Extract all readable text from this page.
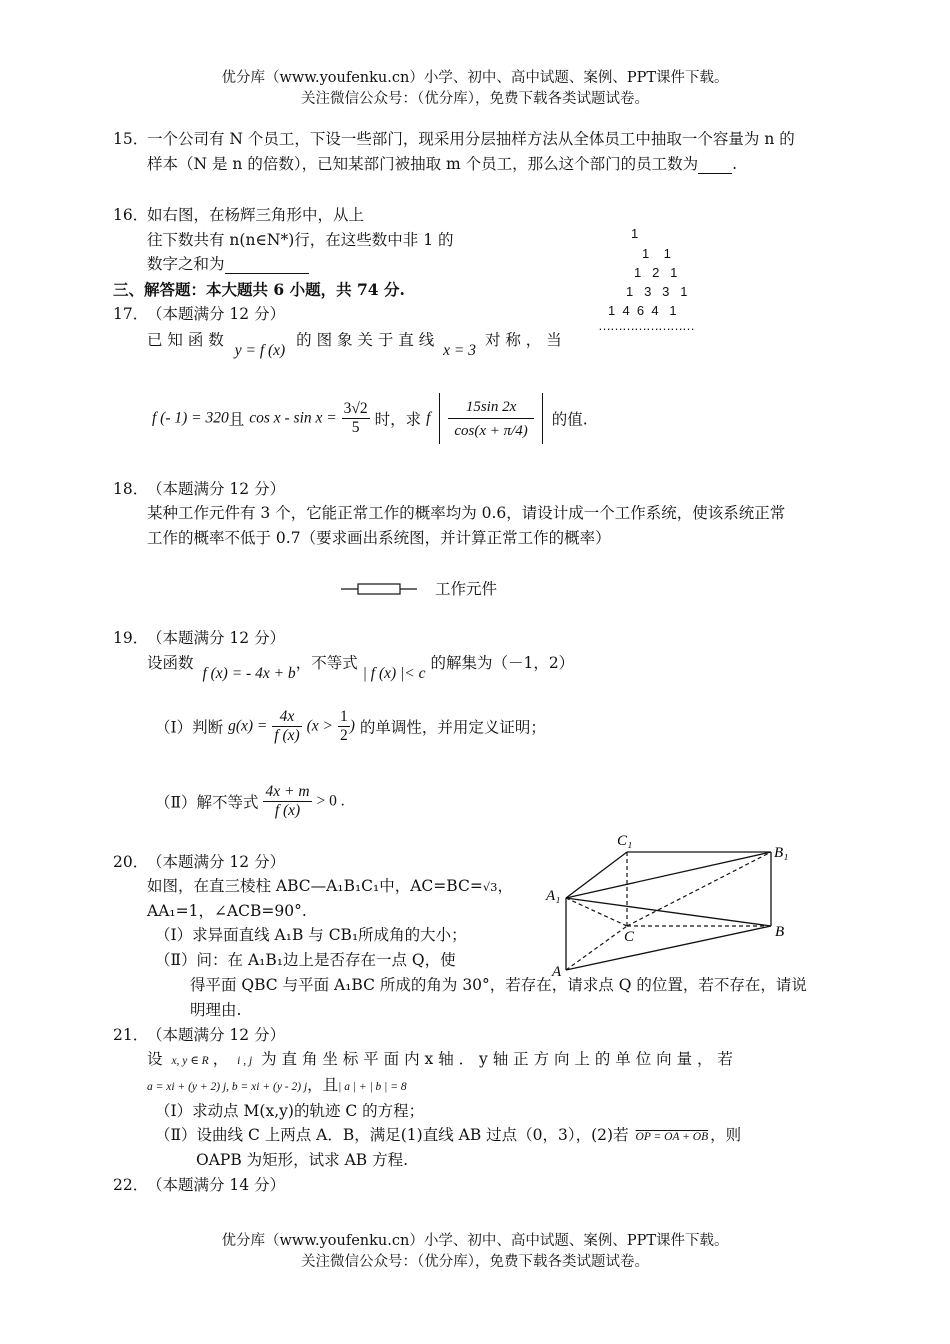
优分库（www.youfenku.cn）小学、初中、高中试题、案例、PPT课件下载。
关注微信公众号：（优分库），免费下载各类试题试卷。
15．
一个公司有 N 个员工，下设一些部门，现采用分层抽样方法从全体员工中抽取一个容量为 n 的
样本（N 是 n 的倍数），已知某部门被抽取 m 个员工，那么这个部门的员工数为 .
16．
如右图，在杨辉三角形中，从上
往下数共有 n(n∈N*)行，在这些数中非 1 的
数字之和为
1
1    1
1   2   1
1   3   3   1
1  4  6  4   1
……………………
三、解答题：本大题共 6 小题，共 74 分.
17．
（本题满分 12 分）
已 知 函 数 y = f (x) 的 图 象 关 于 直 线 x = 3 对 称 ， 当
f (- 1) = 320且 $\cos x - \sin x = \frac{3√2}{5}$ 时，求 f $\frac{15\sin 2x}{\cos(x + \pi/4)}$ 的值.
18．
（本题满分 12 分）
某种工作元件有 3 个，它能正常工作的概率均为 0.6，请设计成一个工作系统，使该系统正常
工作的概率不低于 0.7（要求画出系统图，并计算正常工作的概率）
工作元件
19．
（本题满分 12 分）
设函数 f (x) = - 4x + b，不等式 | f (x) |< c 的解集为（－1，2）
（Ⅰ）判断 $g(x) = \frac{4x}{f (x)} (x > \frac{1}{2}$ ) 的单调性，并用定义证明；
（Ⅱ）解不等式 $\frac{4x + m}{f (x)} > 0$ .
20．
（本题满分 12 分）
如图，在直三棱柱 ABC—A₁B₁C₁中，AC=BC=√3，
AA₁=1，∠ACB=90°.
（Ⅰ）求异面直线 A₁B 与 CB₁所成角的大小；
（Ⅱ）问：在 A₁B₁边上是否存在一点 Q，使
得平面 QBC 与平面 A₁BC 所成的角为 30°，若存在，请求点 Q 的位置，若不存在，请说
明理由.
C₁
B₁
A₁
C	B
A
21．
（本题满分 12 分）
设 x, y ∈ R ， i , j 为 直 角 坐 标 平 面 内 x 轴 ． y 轴 正 方 向 上 的 单 位 向 量 ， 若
a = xi + (y + 2) j, b = xi + (y - 2) j，且| a | + | b | = 8
（Ⅰ）求动点 M(x,y)的轨迹 C 的方程；
（Ⅱ）设曲线 C 上两点 A．B，满足(1)直线 AB 过点（0，3），(2)若 OP = OA + OB ，则
OAPB 为矩形，试求 AB 方程.
22．
（本题满分 14 分）
优分库（www.youfenku.cn）小学、初中、高中试题、案例、PPT课件下载。
关注微信公众号：（优分库），免费下载各类试题试卷。
